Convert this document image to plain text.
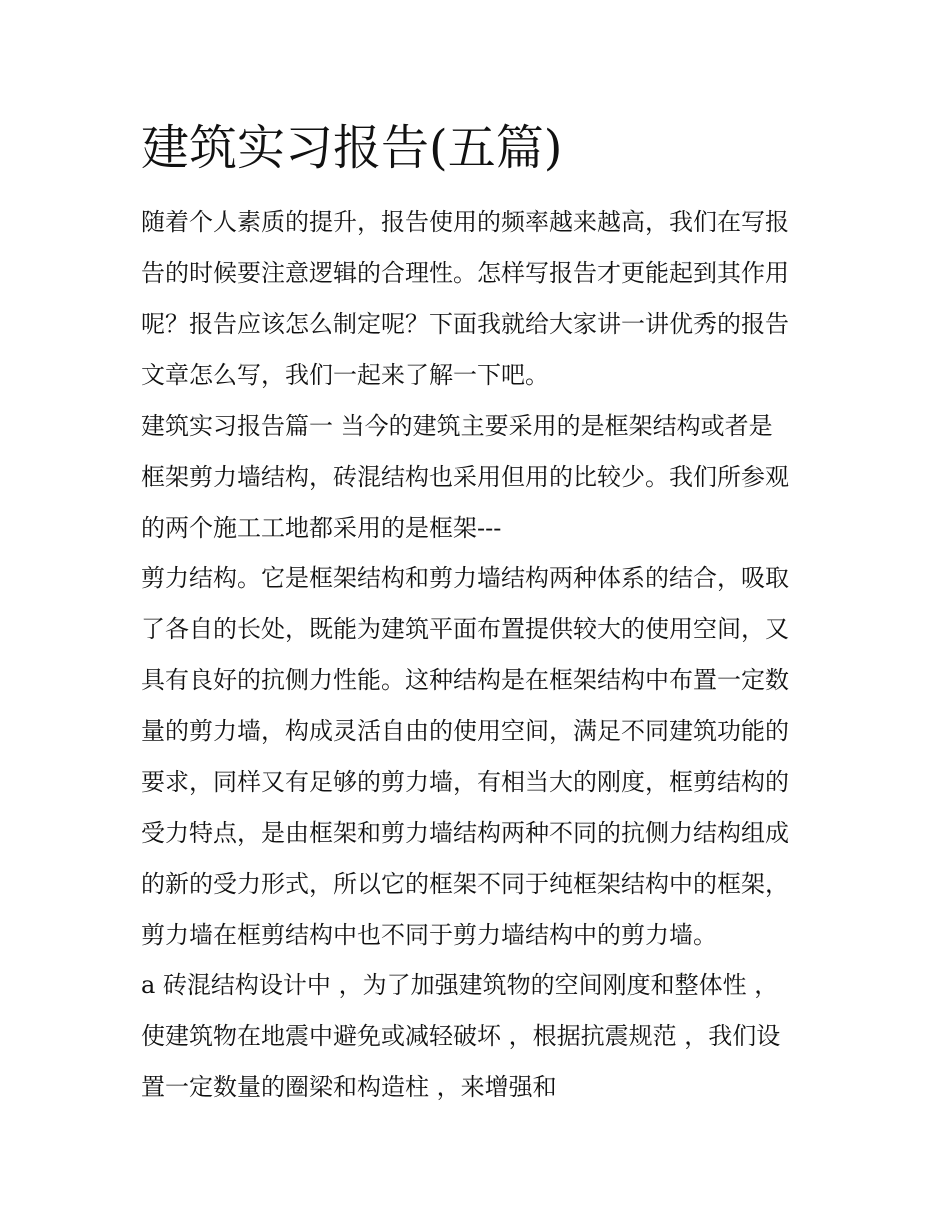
建筑实习报告(五篇)

随着个人素质的提升，报告使用的频率越来越高，我们在写报

告的时候要注意逻辑的合理性。怎样写报告才更能起到其作用

呢？报告应该怎么制定呢？下面我就给大家讲一讲优秀的报告

文章怎么写，我们一起来了解一下吧。

建筑实习报告篇一 当今的建筑主要采用的是框架结构或者是

框架剪力墙结构，砖混结构也采用但用的比较少。我们所参观

的两个施工工地都采用的是框架---

剪力结构。它是框架结构和剪力墙结构两种体系的结合，吸取

了各自的长处，既能为建筑平面布置提供较大的使用空间，又

具有良好的抗侧力性能。这种结构是在框架结构中布置一定数

量的剪力墙，构成灵活自由的使用空间，满足不同建筑功能的

要求，同样又有足够的剪力墙，有相当大的刚度，框剪结构的

受力特点，是由框架和剪力墙结构两种不同的抗侧力结构组成

的新的受力形式，所以它的框架不同于纯框架结构中的框架，

剪力墙在框剪结构中也不同于剪力墙结构中的剪力墙。

a 砖混结构设计中 ，为了加强建筑物的空间刚度和整体性 ，

使建筑物在地震中避免或减轻破坏 ，根据抗震规范 ，我们设

置一定数量的圈梁和构造柱 ，来增强和
